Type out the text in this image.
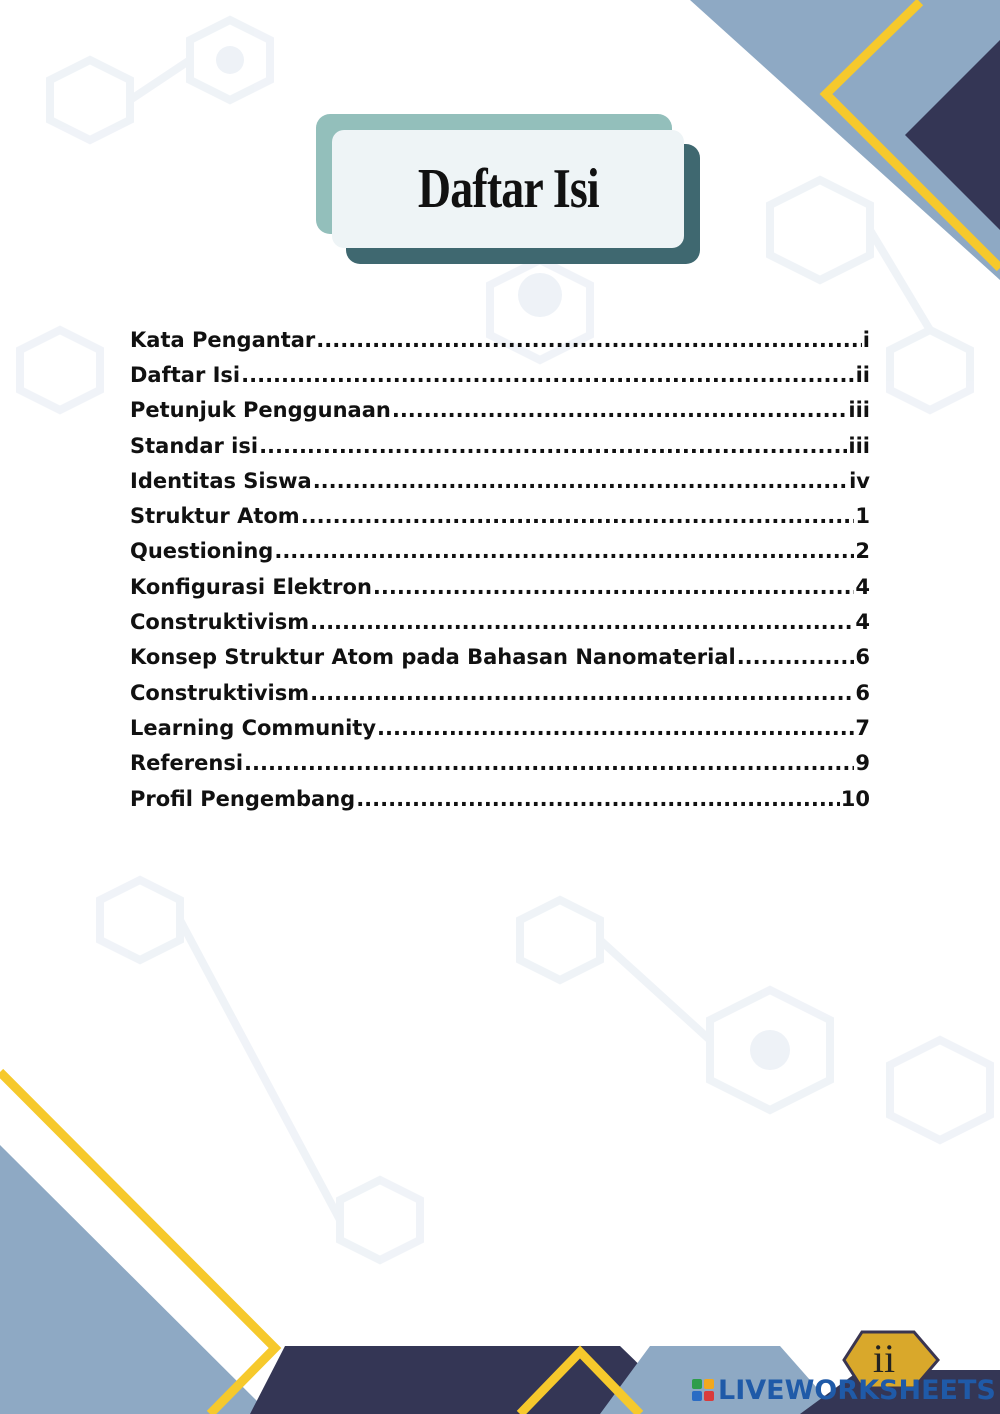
Daftar Isi
Kata Pengantar .....	i
Daftar Isi .....	ii
Petunjuk Penggunaan .....	iii
Standar isi .....	iii
Identitas Siswa .....	iv
Struktur Atom .....	1
Questioning .....	2
Konfigurasi Elektron .....	4
Construktivism .....	4
Konsep Struktur Atom pada Bahasan Nanomaterial .....	6
Construktivism .....	6
Learning Community .....	7
Referensi .....	9
Profil Pengembang .....	10
ii
LIVEWORKSHEETS
